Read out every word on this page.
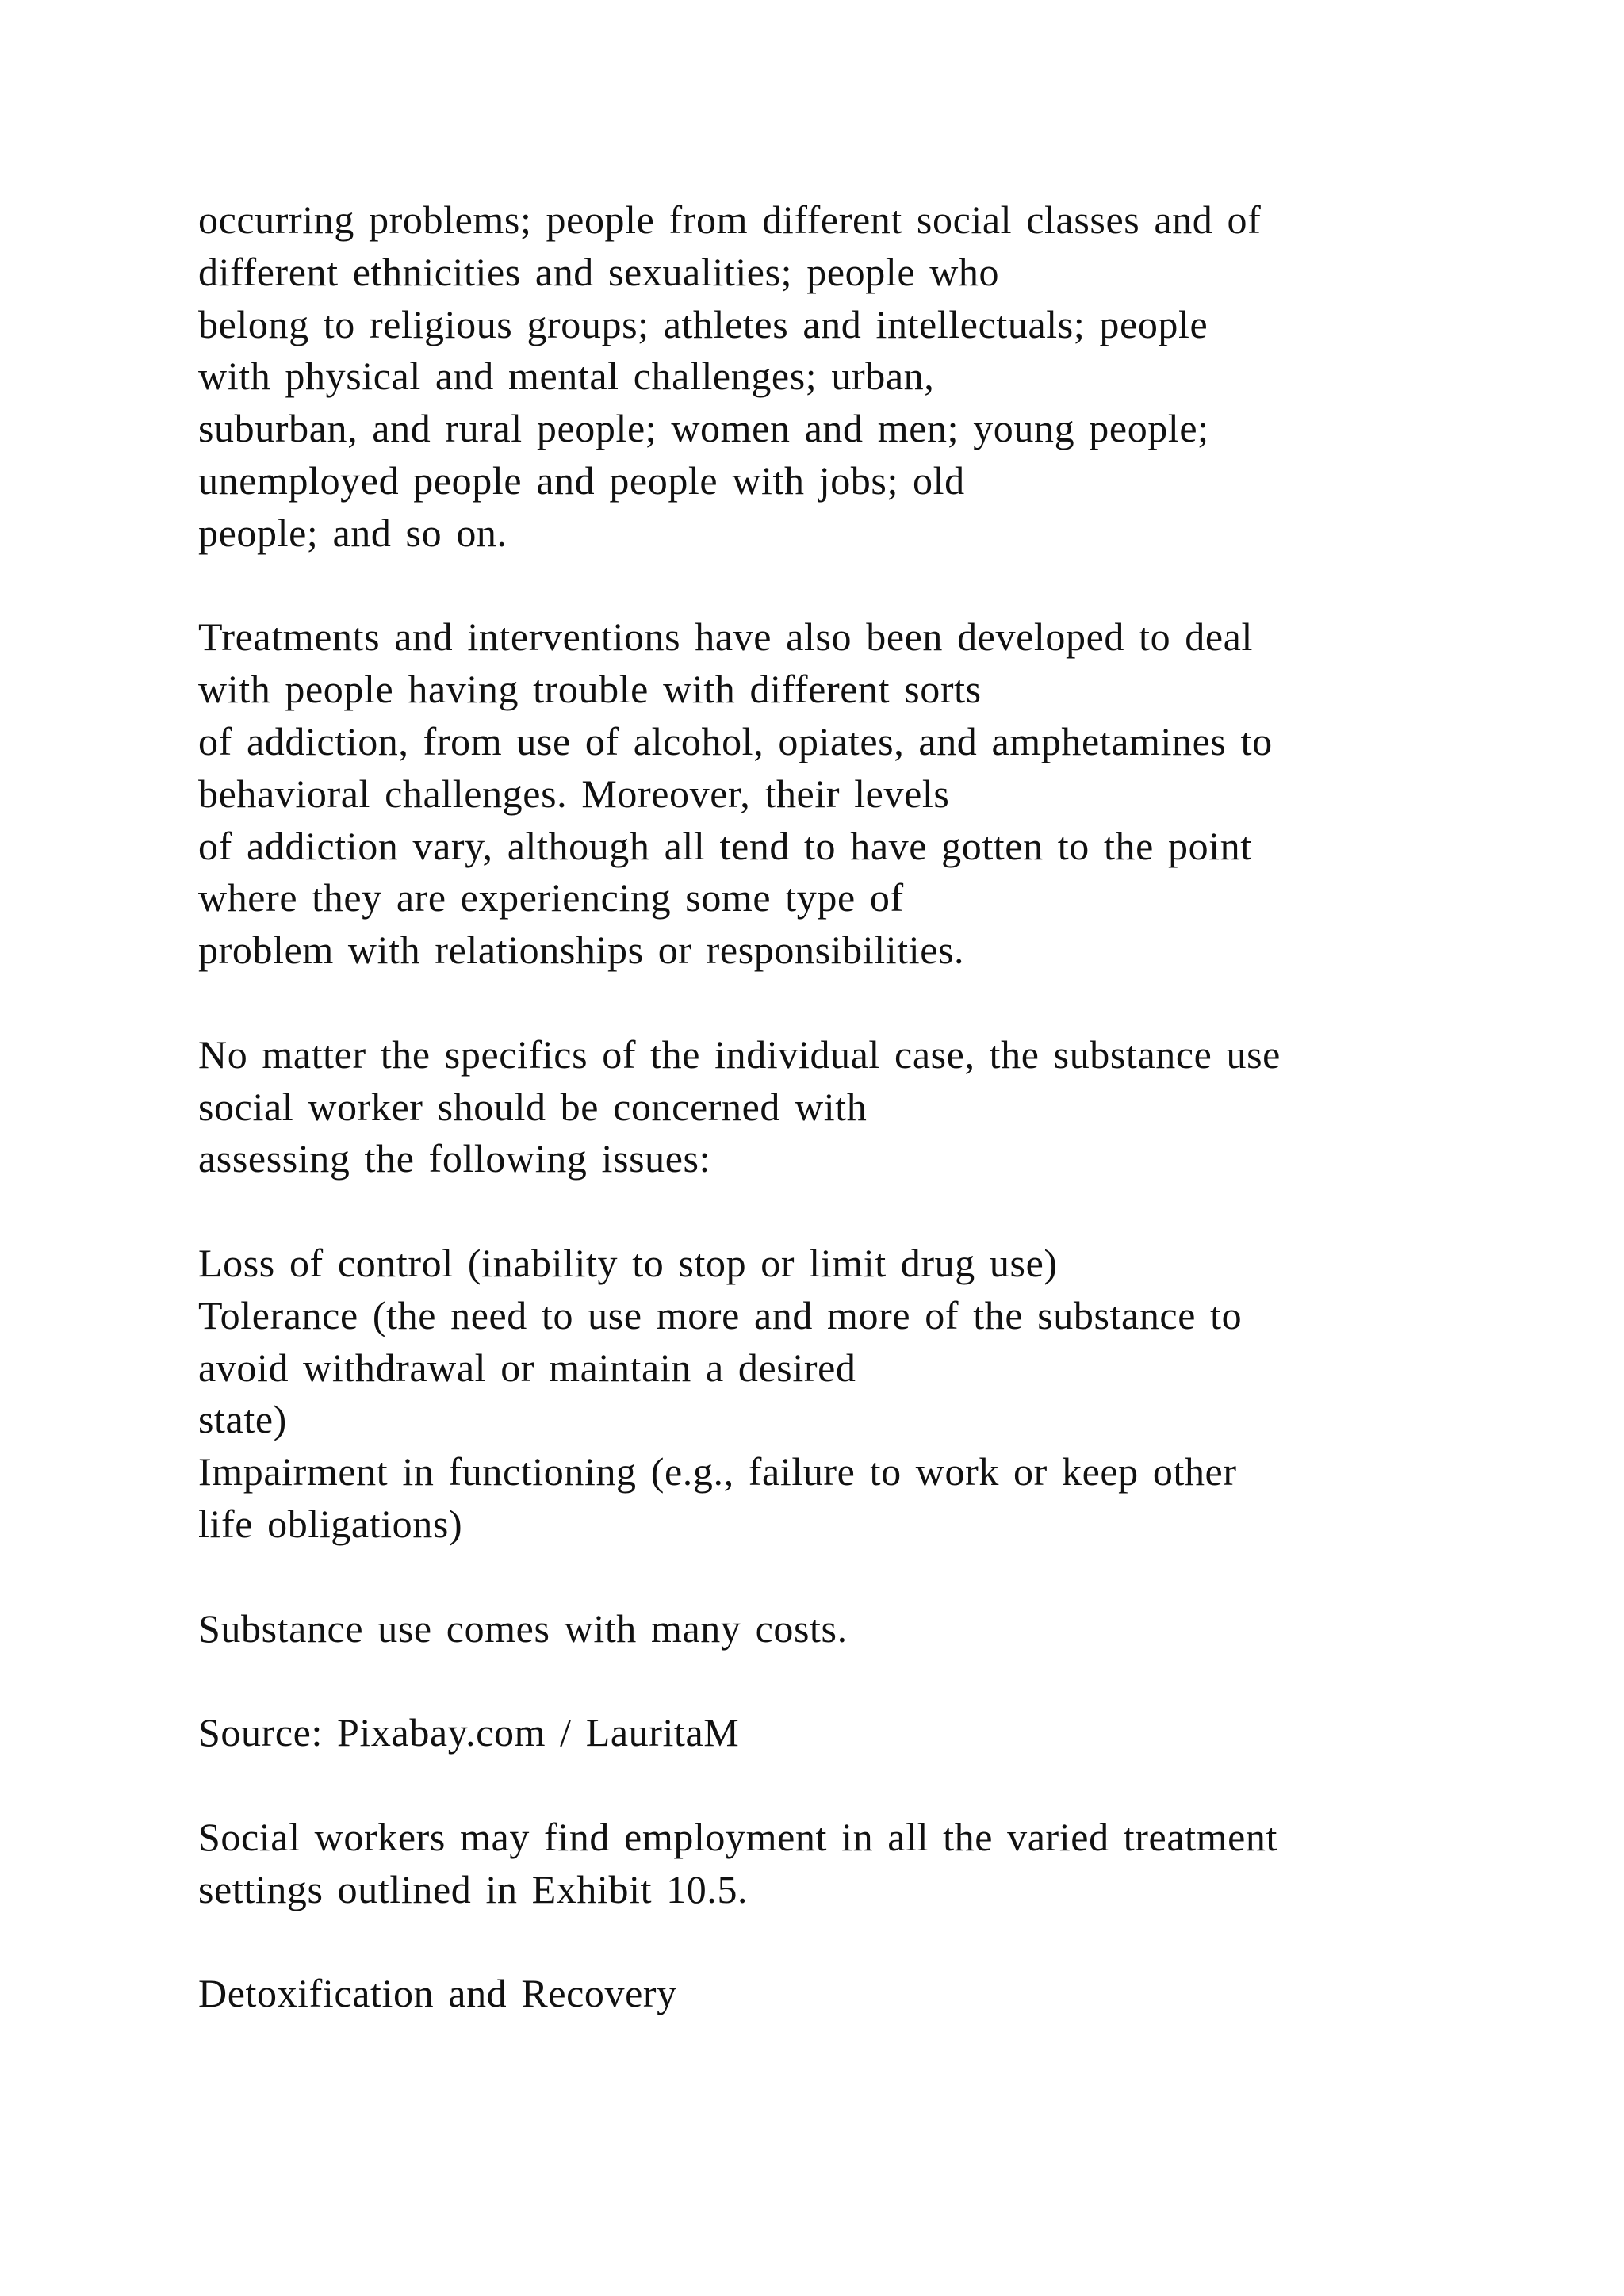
occurring problems; people from different social classes and of
different ethnicities and sexualities; people who
belong to religious groups; athletes and intellectuals; people
with physical and mental challenges; urban,
suburban, and rural people; women and men; young people;
unemployed people and people with jobs; old
people; and so on.
Treatments and interventions have also been developed to deal
with people having trouble with different sorts
of addiction, from use of alcohol, opiates, and amphetamines to
behavioral challenges. Moreover, their levels
of addiction vary, although all tend to have gotten to the point
where they are experiencing some type of
problem with relationships or responsibilities.
No matter the specifics of the individual case, the substance use
social worker should be concerned with
assessing the following issues:
Loss of control (inability to stop or limit drug use)
Tolerance (the need to use more and more of the substance to
avoid withdrawal or maintain a desired
state)
Impairment in functioning (e.g., failure to work or keep other
life obligations)
Substance use comes with many costs.
Source: Pixabay.com / LauritaM
Social workers may find employment in all the varied treatment
settings outlined in Exhibit 10.5.
Detoxification and Recovery
